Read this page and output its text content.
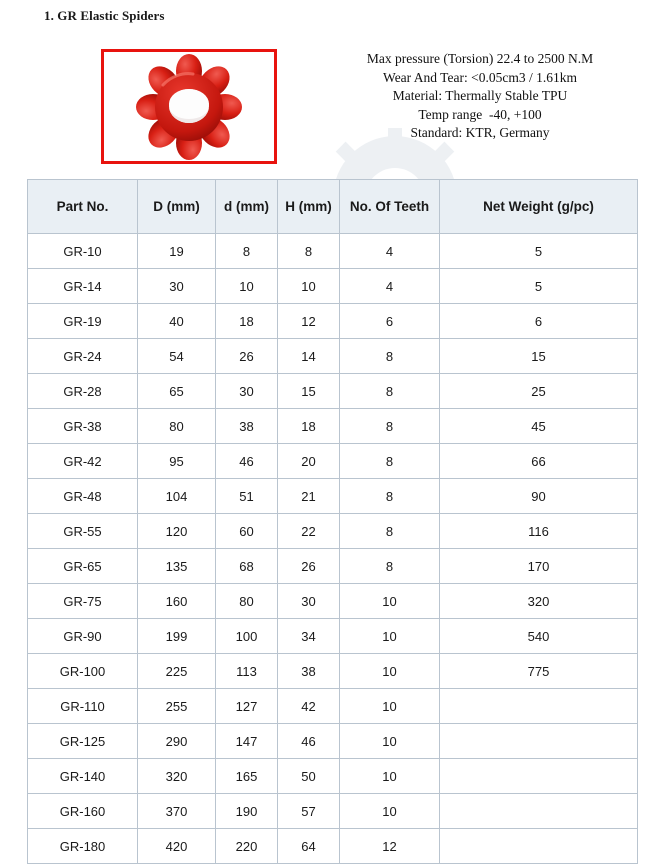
1. GR Elastic Spiders
Max pressure (Torsion) 22.4 to 2500 N.M
Wear And Tear: <0.05cm3 / 1.61km
Material: Thermally Stable TPU
Temp range  -40, +100
Standard: KTR, Germany
Part No.	D (mm)	d (mm)	H (mm)	No. Of Teeth	Net Weight (g/pc)
GR-10	19	8	8	4	5
GR-14	30	10	10	4	5
GR-19	40	18	12	6	6
GR-24	54	26	14	8	15
GR-28	65	30	15	8	25
GR-38	80	38	18	8	45
GR-42	95	46	20	8	66
GR-48	104	51	21	8	90
GR-55	120	60	22	8	116
GR-65	135	68	26	8	170
GR-75	160	80	30	10	320
GR-90	199	100	34	10	540
GR-100	225	113	38	10	775
GR-110	255	127	42	10	
GR-125	290	147	46	10	
GR-140	320	165	50	10	
GR-160	370	190	57	10	
GR-180	420	220	64	12	
